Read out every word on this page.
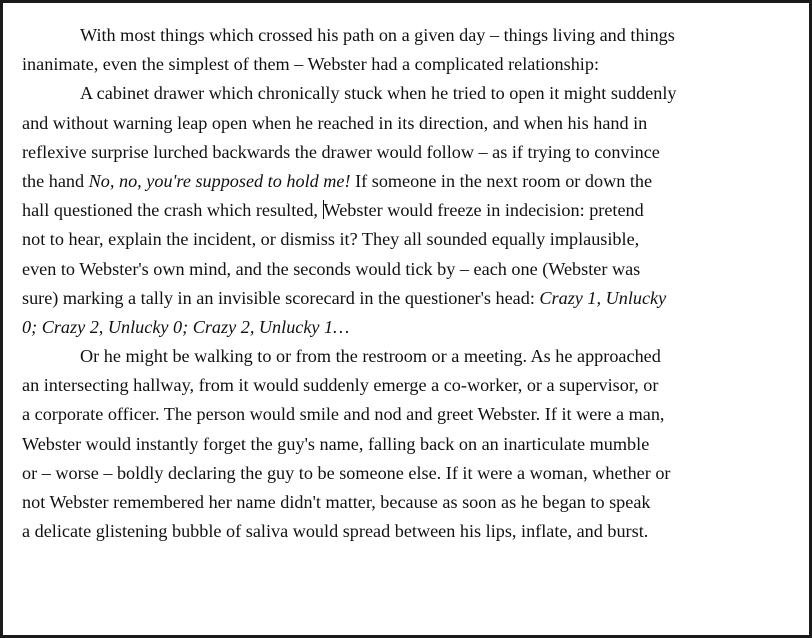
With most things which crossed his path on a given day – things living and things
inanimate, even the simplest of them – Webster had a complicated relationship:
A cabinet drawer which chronically stuck when he tried to open it might suddenly
and without warning leap open when he reached in its direction, and when his hand in
reflexive surprise lurched backwards the drawer would follow – as if trying to convince
the hand No, no, you're supposed to hold me! If someone in the next room or down the
hall questioned the crash which resulted, Webster would freeze in indecision: pretend
not to hear, explain the incident, or dismiss it? They all sounded equally implausible,
even to Webster's own mind, and the seconds would tick by – each one (Webster was
sure) marking a tally in an invisible scorecard in the questioner's head: Crazy 1, Unlucky
0; Crazy 2, Unlucky 0; Crazy 2, Unlucky 1…
Or he might be walking to or from the restroom or a meeting. As he approached
an intersecting hallway, from it would suddenly emerge a co-worker, or a supervisor, or
a corporate officer. The person would smile and nod and greet Webster. If it were a man,
Webster would instantly forget the guy's name, falling back on an inarticulate mumble
or – worse – boldly declaring the guy to be someone else. If it were a woman, whether or
not Webster remembered her name didn't matter, because as soon as he began to speak
a delicate glistening bubble of saliva would spread between his lips, inflate, and burst.
